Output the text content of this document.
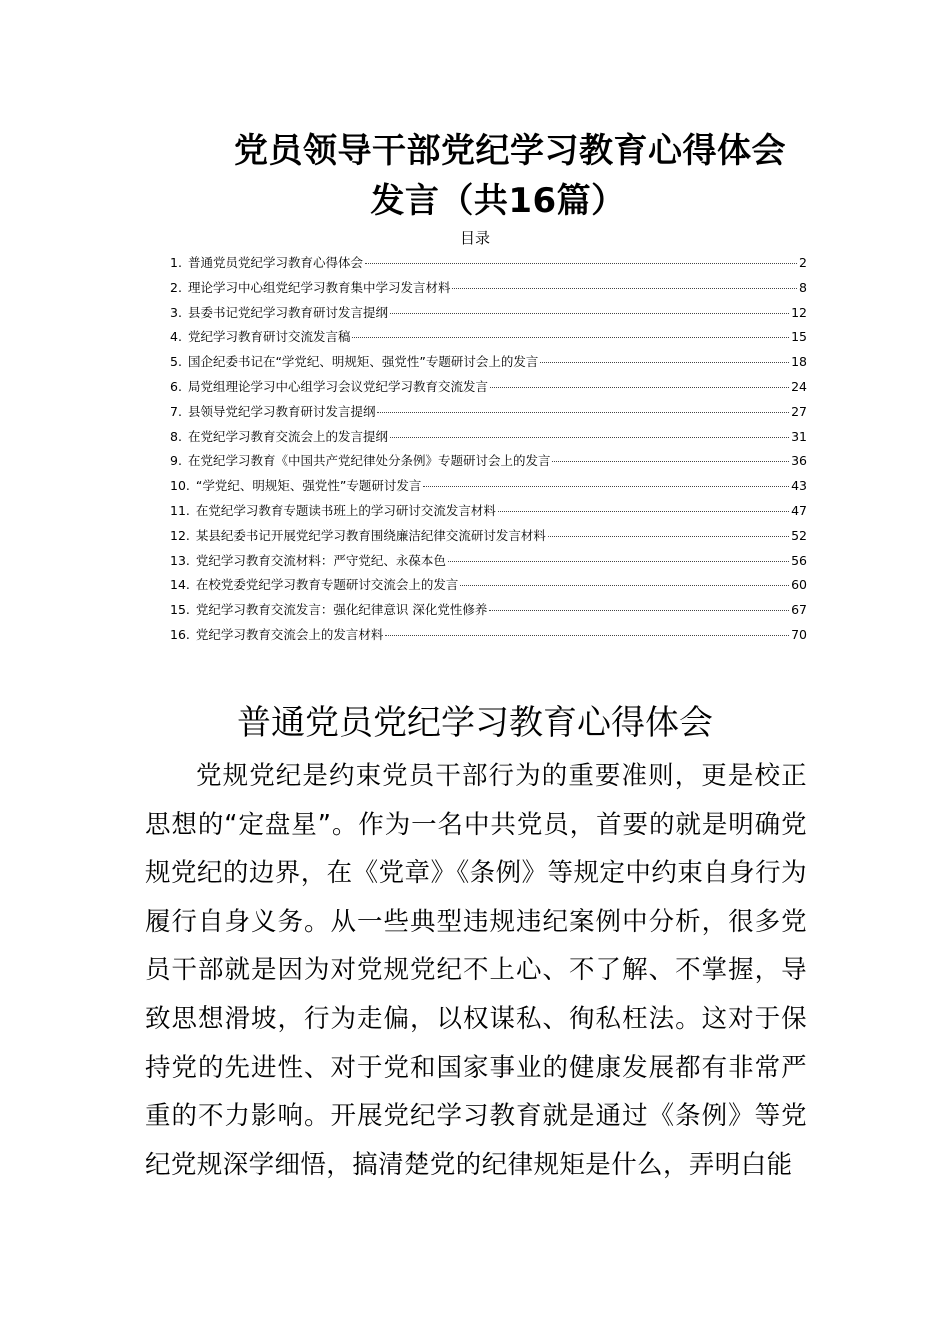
党员领导干部党纪学习教育心得体会
发言（共16篇）
目录
1. 普通党员党纪学习教育心得体会	2
2. 理论学习中心组党纪学习教育集中学习发言材料	8
3. 县委书记党纪学习教育研讨发言提纲	12
4. 党纪学习教育研讨交流发言稿	15
5. 国企纪委书记在“学党纪、明规矩、强党性”专题研讨会上的发言	18
6. 局党组理论学习中心组学习会议党纪学习教育交流发言	24
7. 县领导党纪学习教育研讨发言提纲	27
8. 在党纪学习教育交流会上的发言提纲	31
9. 在党纪学习教育《中国共产党纪律处分条例》专题研讨会上的发言	36
10. “学党纪、明规矩、强党性”专题研讨发言	43
11. 在党纪学习教育专题读书班上的学习研讨交流发言材料	47
12. 某县纪委书记开展党纪学习教育围绕廉洁纪律交流研讨发言材料	52
13. 党纪学习教育交流材料：严守党纪、永葆本色	56
14. 在校党委党纪学习教育专题研讨交流会上的发言	60
15. 党纪学习教育交流发言：强化纪律意识 深化党性修养	67
16. 党纪学习教育交流会上的发言材料	70
普通党员党纪学习教育心得体会
党规党纪是约束党员干部行为的重要准则，更是校正思想的“定盘星”。作为一名中共党员，首要的就是明确党规党纪的边界，在《党章》《条例》等规定中约束自身行为履行自身义务。从一些典型违规违纪案例中分析，很多党员干部就是因为对党规党纪不上心、不了解、不掌握，导致思想滑坡，行为走偏，以权谋私、徇私枉法。这对于保持党的先进性、对于党和国家事业的健康发展都有非常严重的不力影响。开展党纪学习教育就是通过《条例》等党纪党规深学细悟，搞清楚党的纪律规矩是什么，弄明白能
